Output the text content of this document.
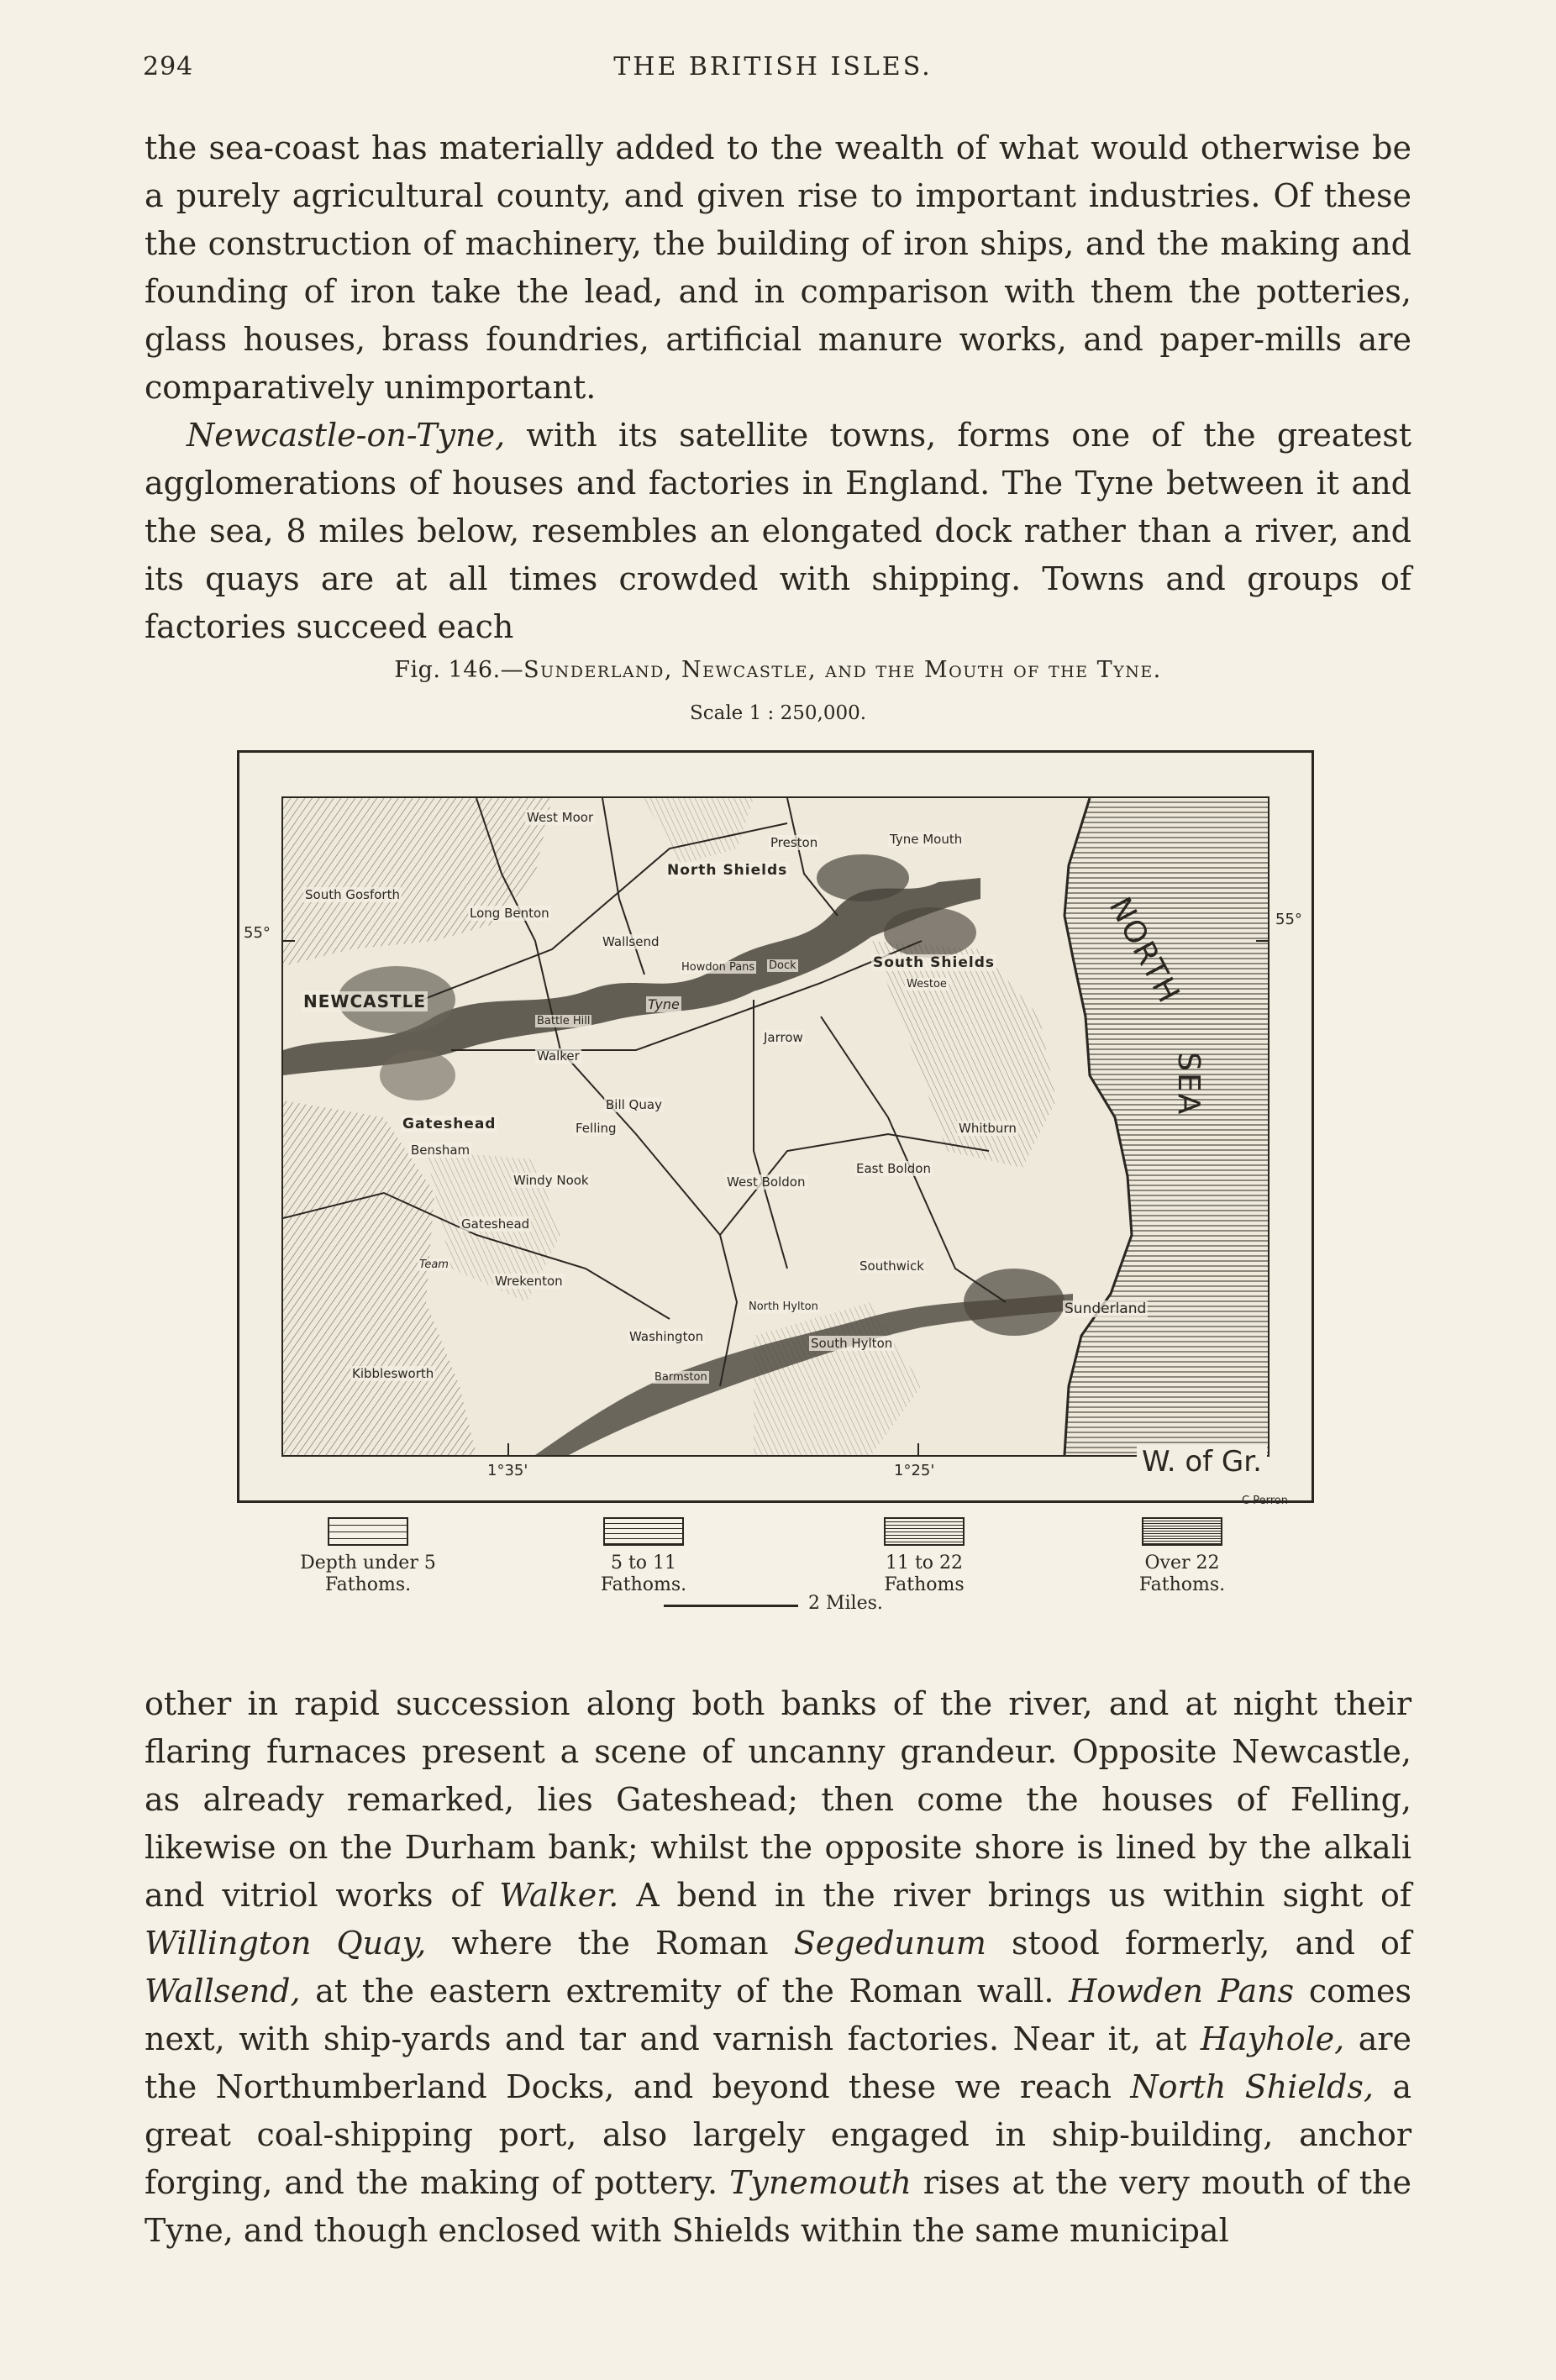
294	THE BRITISH ISLES.

the sea-coast has materially added to the wealth of what would otherwise be a purely agricultural county, and given rise to important industries. Of these the construction of machinery, the building of iron ships, and the making and founding of iron take the lead, and in comparison with them the potteries, glass houses, brass foundries, artificial manure works, and paper-mills are comparatively unimportant.

Newcastle-on-Tyne, with its satellite towns, forms one of the greatest agglomerations of houses and factories in England. The Tyne between it and the sea, 8 miles below, resembles an elongated dock rather than a river, and its quays are at all times crowded with shipping. Towns and groups of factories succeed each

Fig. 146.—Sunderland, Newcastle, and the Mouth of the Tyne.
Scale 1 : 250,000.
West Moor
Preston	Tyne Mouth
North Shields
South Gosforth
Long Benton
Wallsend
Howdon Pans Dock	South Shields
Westoe
NEWCASTLE
Battle Hill
Tyne
Jarrow
Walker
Bill Quay
Gateshead	Felling	Whitburn
Bensham
Windy Nook	West Boldon
East Boldon
Gateshead
Team
Wrekenton
Southwick
North Hylton	Sunderland
Washington	South Hylton
Kibblesworth	Barmston
NORTH
SEA
55°
55°
1°35'	1°25'	W. of Gr.
C Perron
Depth under 5
Fathoms.
5 to 11
Fathoms.
11 to 22
Fathoms
Over 22
Fathoms.
2 Miles.

other in rapid succession along both banks of the river, and at night their flaring furnaces present a scene of uncanny grandeur. Opposite Newcastle, as already remarked, lies Gateshead; then come the houses of Felling, likewise on the Durham bank; whilst the opposite shore is lined by the alkali and vitriol works of Walker. A bend in the river brings us within sight of Willington Quay, where the Roman Segedunum stood formerly, and of Wallsend, at the eastern extremity of the Roman wall. Howden Pans comes next, with ship-yards and tar and varnish factories. Near it, at Hayhole, are the Northumberland Docks, and beyond these we reach North Shields, a great coal-shipping port, also largely engaged in ship-building, anchor forging, and the making of pottery. Tynemouth rises at the very mouth of the Tyne, and though enclosed with Shields within the same municipal
